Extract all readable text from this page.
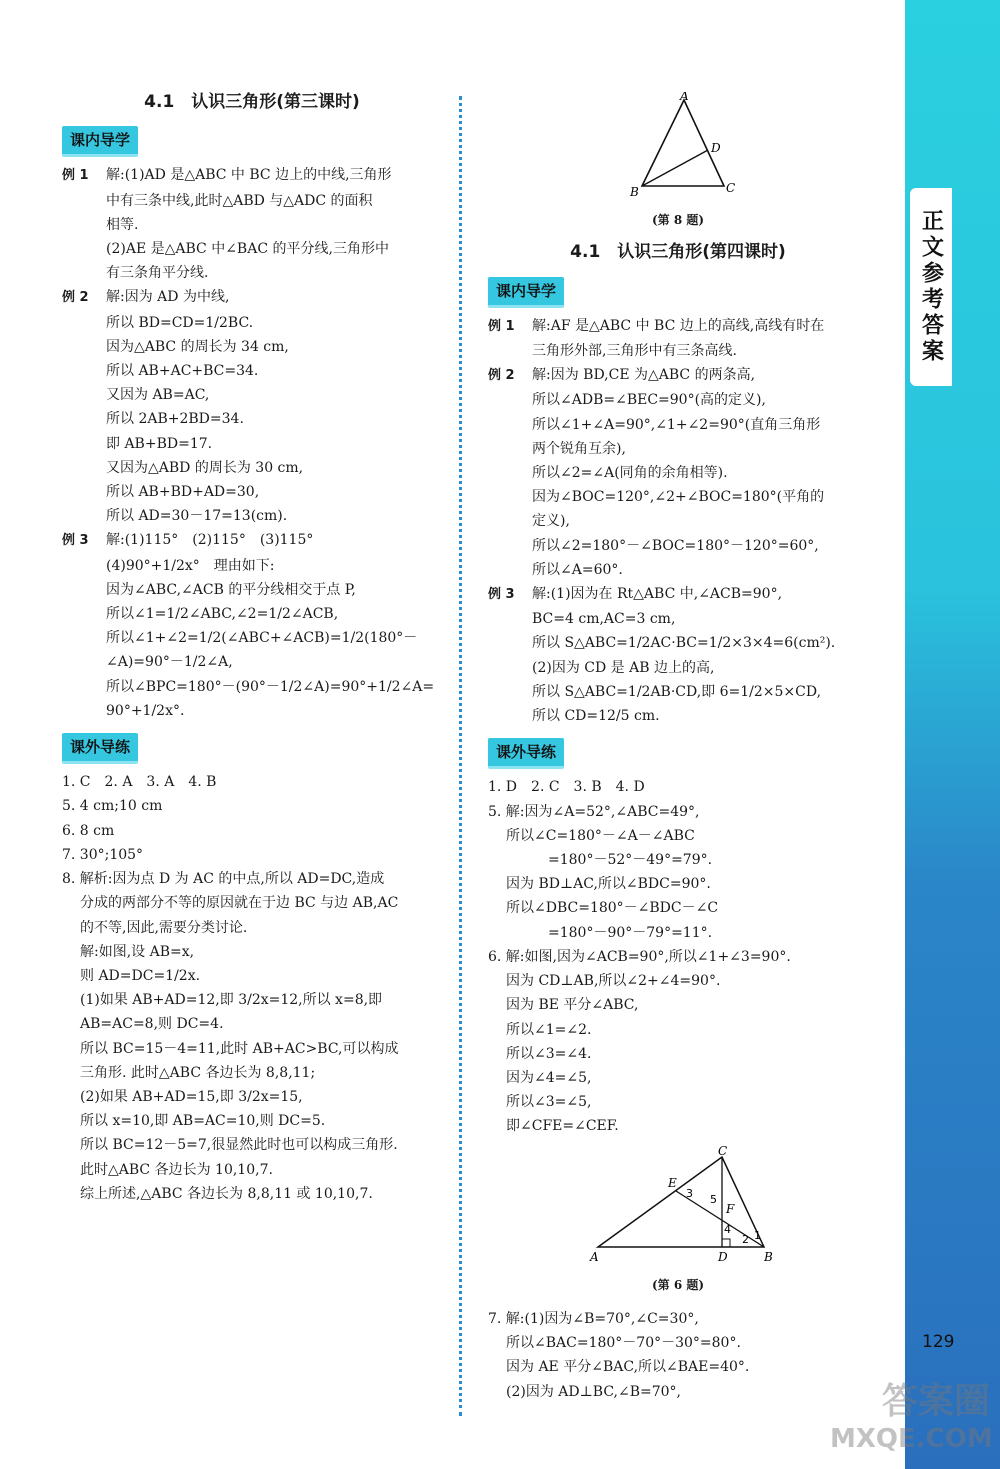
正文参考答案
129
4.1　认识三角形(第三课时)
课内导学
例 1 解:(1)AD 是△ABC 中 BC 边上的中线,三角形
中有三条中线,此时△ABD 与△ADC 的面积
相等.
(2)AE 是△ABC 中∠BAC 的平分线,三角形中
有三条角平分线.
例 2 解:因为 AD 为中线,
所以 BD=CD=1/2BC.
因为△ABC 的周长为 34 cm,
所以 AB+AC+BC=34.
又因为 AB=AC,
所以 2AB+2BD=34.
即 AB+BD=17.
又因为△ABD 的周长为 30 cm,
所以 AB+BD+AD=30,
所以 AD=30－17=13(cm).
例 3 解:(1)115°　(2)115°　(3)115°
(4)90°+1/2x°　理由如下:
因为∠ABC,∠ACB 的平分线相交于点 P,
所以∠1=1/2∠ABC,∠2=1/2∠ACB,
所以∠1+∠2=1/2(∠ABC+∠ACB)=1/2(180°－
∠A)=90°－1/2∠A,
所以∠BPC=180°－(90°－1/2∠A)=90°+1/2∠A=
90°+1/2x°.
课外导练
1. C　2. A　3. A　4. B
5. 4 cm;10 cm
6. 8 cm
7. 30°;105°
8. 解析:因为点 D 为 AC 的中点,所以 AD=DC,造成
分成的两部分不等的原因就在于边 BC 与边 AB,AC
的不等,因此,需要分类讨论.
解:如图,设 AB=x,
则 AD=DC=1/2x.
(1)如果 AB+AD=12,即 3/2x=12,所以 x=8,即
AB=AC=8,则 DC=4.
所以 BC=15－4=11,此时 AB+AC>BC,可以构成
三角形. 此时△ABC 各边长为 8,8,11;
(2)如果 AB+AD=15,即 3/2x=15,
所以 x=10,即 AB=AC=10,则 DC=5.
所以 BC=12－5=7,很显然此时也可以构成三角形.
此时△ABC 各边长为 10,10,7.
综上所述,△ABC 各边长为 8,8,11 或 10,10,7.
A
D
B	C
(第 8 题)
4.1　认识三角形(第四课时)
课内导学
例 1 解:AF 是△ABC 中 BC 边上的高线,高线有时在
三角形外部,三角形中有三条高线.
例 2 解:因为 BD,CE 为△ABC 的两条高,
所以∠ADB=∠BEC=90°(高的定义),
所以∠1+∠A=90°,∠1+∠2=90°(直角三角形
两个锐角互余),
所以∠2=∠A(同角的余角相等).
因为∠BOC=120°,∠2+∠BOC=180°(平角的
定义),
所以∠2=180°－∠BOC=180°－120°=60°,
所以∠A=60°.
例 3 解:(1)因为在 Rt△ABC 中,∠ACB=90°,
BC=4 cm,AC=3 cm,
所以 S△ABC=1/2AC·BC=1/2×3×4=6(cm²).
(2)因为 CD 是 AB 边上的高,
所以 S△ABC=1/2AB·CD,即 6=1/2×5×CD,
所以 CD=12/5 cm.
课外导练
1. D　2. C　3. B　4. D
5. 解:因为∠A=52°,∠ABC=49°,
所以∠C=180°－∠A－∠ABC
=180°－52°－49°=79°.
因为 BD⊥AC,所以∠BDC=90°.
所以∠DBC=180°－∠BDC－∠C
=180°－90°－79°=11°.
6. 解:如图,因为∠ACB=90°,所以∠1+∠3=90°.
因为 CD⊥AB,所以∠2+∠4=90°.
因为 BE 平分∠ABC,
所以∠1=∠2.
所以∠3=∠4.
因为∠4=∠5,
所以∠3=∠5,
即∠CFE=∠CEF.
C
E
3 5
F
4
2 1
A	D	B
(第 6 题)
7. 解:(1)因为∠B=70°,∠C=30°,
所以∠BAC=180°－70°－30°=80°.
因为 AE 平分∠BAC,所以∠BAE=40°.
(2)因为 AD⊥BC,∠B=70°,	答案圈
MXQE.COM
